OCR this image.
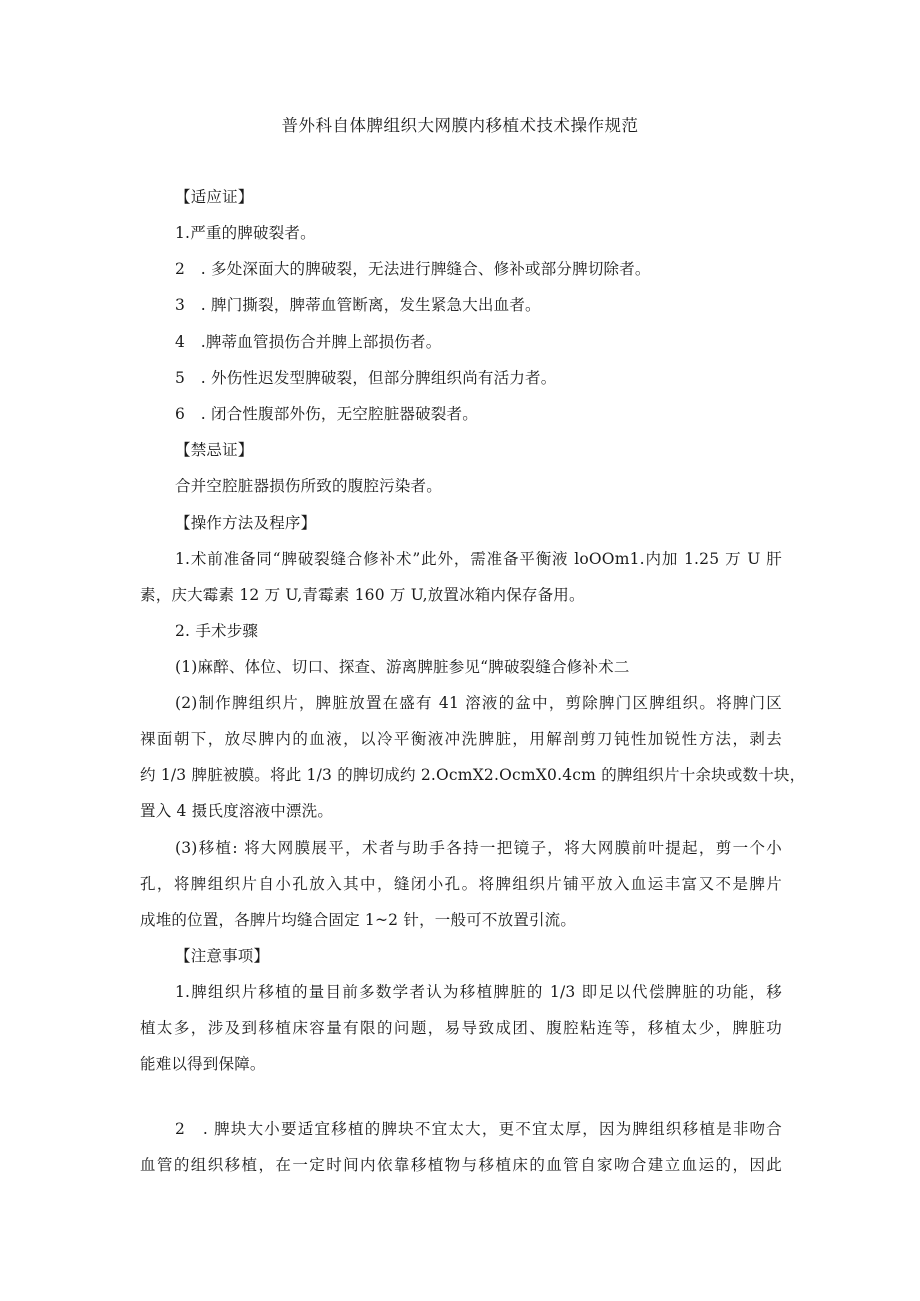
普外科自体脾组织大网膜内移植术技术操作规范
【适应证】
1.严重的脾破裂者。
2　. 多处深面大的脾破裂，无法进行脾缝合、修补或部分脾切除者。
3　. 脾门撕裂，脾蒂血管断离，发生紧急大出血者。
4　.脾蒂血管损伤合并脾上部损伤者。
5　. 外伤性迟发型脾破裂，但部分脾组织尚有活力者。
6　. 闭合性腹部外伤，无空腔脏器破裂者。
【禁忌证】
合并空腔脏器损伤所致的腹腔污染者。
【操作方法及程序】
1.术前准备同“脾破裂缝合修补术”此外，需准备平衡液 loOOm1.内加 1.25 万 U 肝
素，庆大霉素 12 万 U,青霉素 160 万 U,放置冰箱内保存备用。
2. 手术步骤
(1)麻醉、体位、切口、探查、游离脾脏参见“脾破裂缝合修补术二
(2)制作脾组织片，脾脏放置在盛有 41 溶液的盆中，剪除脾门区脾组织。将脾门区
裸面朝下，放尽脾内的血液，以冷平衡液冲洗脾脏，用解剖剪刀钝性加锐性方法，剥去
约 1/3 脾脏被膜。将此 1/3 的脾切成约 2.OcmX2.OcmX0.4cm 的脾组织片十余块或数十块，
置入 4 摄氏度溶液中漂洗。
(3)移植: 将大网膜展平，术者与助手各持一把镜子，将大网膜前叶提起，剪一个小
孔，将脾组织片自小孔放入其中，缝闭小孔。将脾组织片铺平放入血运丰富又不是脾片
成堆的位置，各脾片均缝合固定 1~2 针，一般可不放置引流。
【注意事项】
1.脾组织片移植的量目前多数学者认为移植脾脏的 1/3 即足以代偿脾脏的功能，移
植太多，涉及到移植床容量有限的问题，易导致成团、腹腔粘连等，移植太少，脾脏功
能难以得到保障。
2　. 脾块大小要适宜移植的脾块不宜太大，更不宜太厚，因为脾组织移植是非吻合
血管的组织移植，在一定时间内依靠移植物与移植床的血管自家吻合建立血运的，因此
